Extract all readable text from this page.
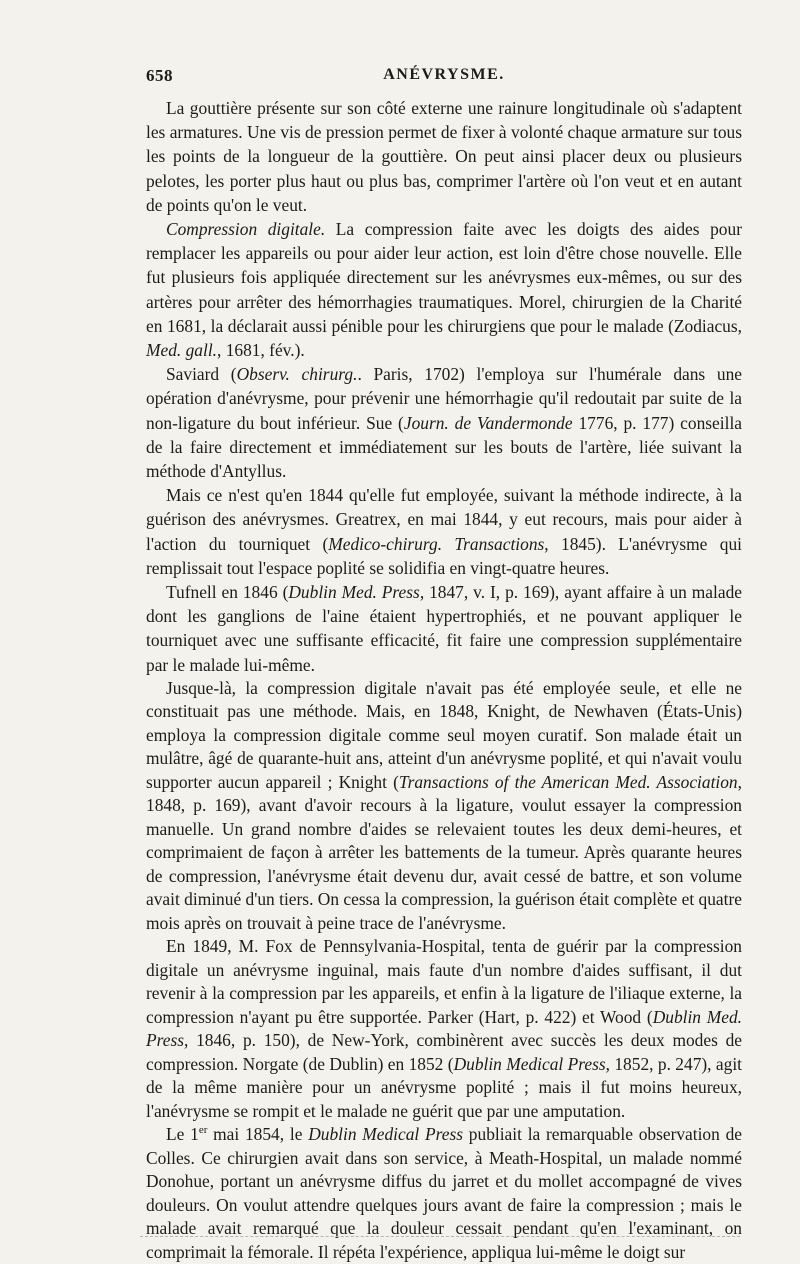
658	ANÉVRYSME.

La gouttière présente sur son côté externe une rainure longitudinale où s'adaptent les armatures. Une vis de pression permet de fixer à volonté chaque armature sur tous les points de la longueur de la gouttière. On peut ainsi placer deux ou plusieurs pelotes, les porter plus haut ou plus bas, comprimer l'artère où l'on veut et en autant de points qu'on le veut.

Compression digitale. La compression faite avec les doigts des aides pour remplacer les appareils ou pour aider leur action, est loin d'être chose nouvelle. Elle fut plusieurs fois appliquée directement sur les anévrysmes eux-mêmes, ou sur des artères pour arrêter des hémorrhagies traumatiques. Morel, chirurgien de la Charité en 1681, la déclarait aussi pénible pour les chirurgiens que pour le malade (Zodiacus, Med. gall., 1681, fév.).

Saviard (Observ. chirurg.. Paris, 1702) l'employa sur l'humérale dans une opération d'anévrysme, pour prévenir une hémorrhagie qu'il redoutait par suite de la non-ligature du bout inférieur. Sue (Journ. de Vandermonde 1776, p. 177) conseilla de la faire directement et immédiatement sur les bouts de l'artère, liée suivant la méthode d'Antyllus.

Mais ce n'est qu'en 1844 qu'elle fut employée, suivant la méthode indirecte, à la guérison des anévrysmes. Greatrex, en mai 1844, y eut recours, mais pour aider à l'action du tourniquet (Medico-chirurg. Transactions, 1845). L'anévrysme qui remplissait tout l'espace poplité se solidifia en vingt-quatre heures.

Tufnell en 1846 (Dublin Med. Press, 1847, v. I, p. 169), ayant affaire à un malade dont les ganglions de l'aine étaient hypertrophiés, et ne pouvant appliquer le tourniquet avec une suffisante efficacité, fit faire une compression supplémentaire par le malade lui-même.

Jusque-là, la compression digitale n'avait pas été employée seule, et elle ne constituait pas une méthode. Mais, en 1848, Knight, de Newhaven (États-Unis) employa la compression digitale comme seul moyen curatif. Son malade était un mulâtre, âgé de quarante-huit ans, atteint d'un anévrysme poplité, et qui n'avait voulu supporter aucun appareil ; Knight (Transactions of the American Med. Association, 1848, p. 169), avant d'avoir recours à la ligature, voulut essayer la compression manuelle. Un grand nombre d'aides se relevaient toutes les deux demi-heures, et comprimaient de façon à arrêter les battements de la tumeur. Après quarante heures de compression, l'anévrysme était devenu dur, avait cessé de battre, et son volume avait diminué d'un tiers. On cessa la compression, la guérison était complète et quatre mois après on trouvait à peine trace de l'anévrysme.

En 1849, M. Fox de Pennsylvania-Hospital, tenta de guérir par la compression digitale un anévrysme inguinal, mais faute d'un nombre d'aides suffisant, il dut revenir à la compression par les appareils, et enfin à la ligature de l'iliaque externe, la compression n'ayant pu être supportée. Parker (Hart, p. 422) et Wood (Dublin Med. Press, 1846, p. 150), de New-York, combinèrent avec succès les deux modes de compression. Norgate (de Dublin) en 1852 (Dublin Medical Press, 1852, p. 247), agit de la même manière pour un anévrysme poplité ; mais il fut moins heureux, l'anévrysme se rompit et le malade ne guérit que par une amputation.

Le 1er mai 1854, le Dublin Medical Press publiait la remarquable observation de Colles. Ce chirurgien avait dans son service, à Meath-Hospital, un malade nommé Donohue, portant un anévrysme diffus du jarret et du mollet accompagné de vives douleurs. On voulut attendre quelques jours avant de faire la compression ; mais le malade avait remarqué que la douleur cessait pendant qu'en l'examinant, on comprimait la fémorale. Il répéta l'expérience, appliqua lui-même le doigt sur
